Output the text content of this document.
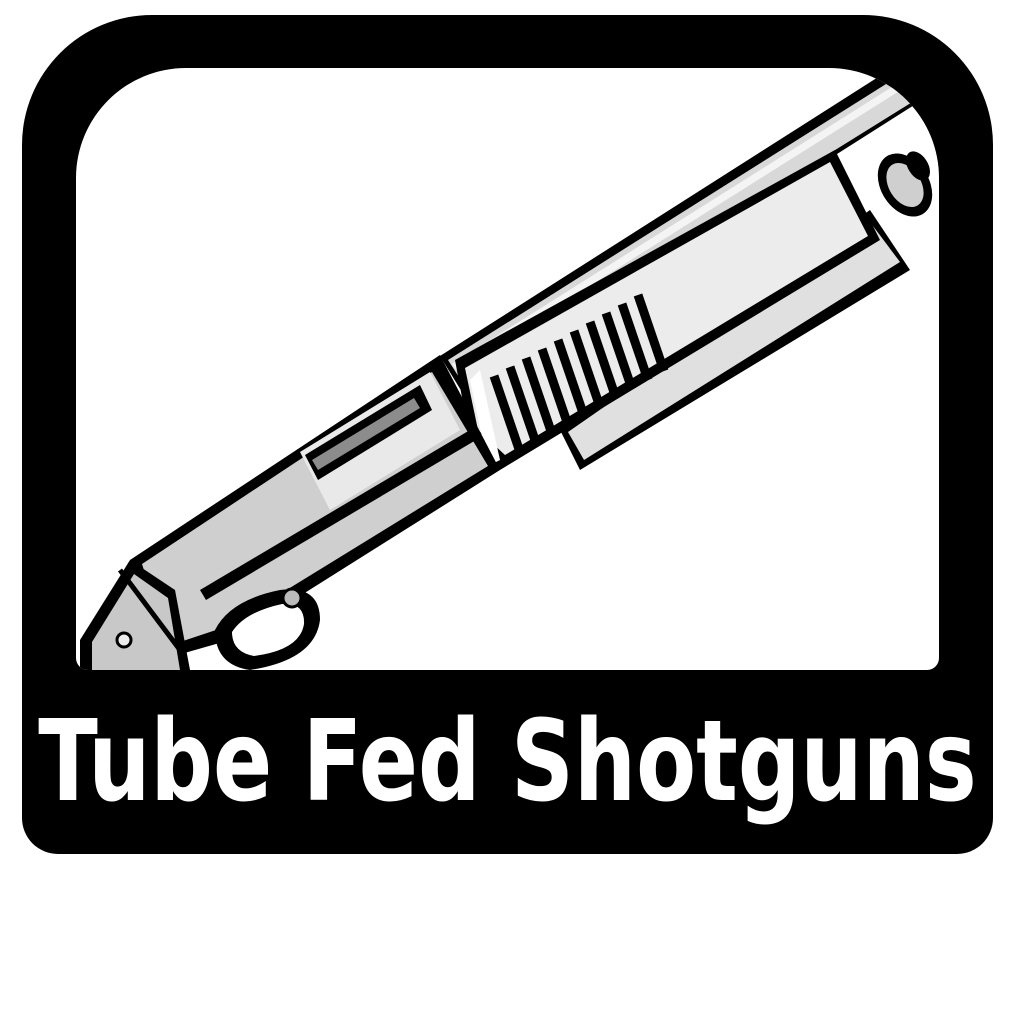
Tube Fed Shotguns
